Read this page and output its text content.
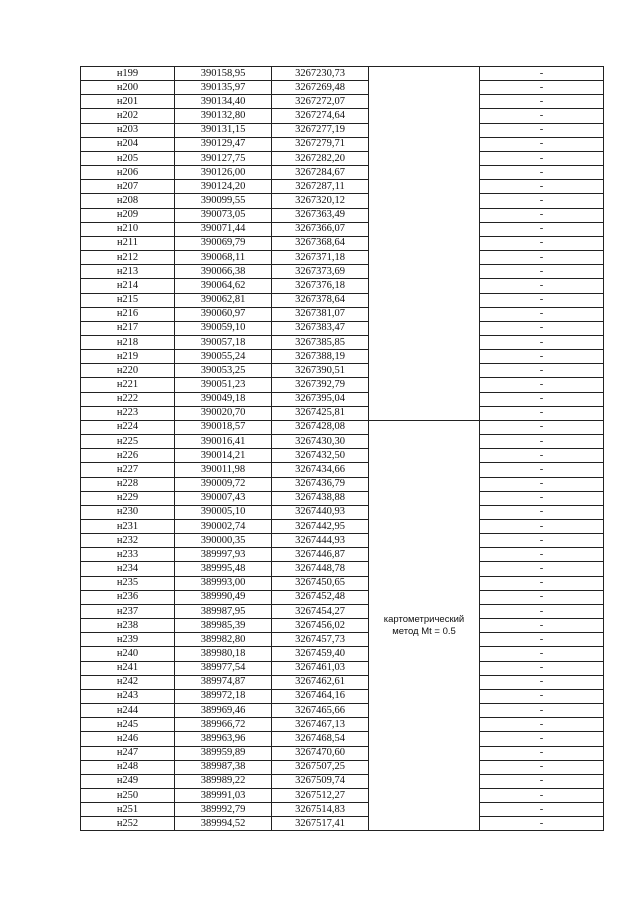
н199	390158,95	3267230,73		-
н200	390135,97	3267269,48		-
н201	390134,40	3267272,07		-
н202	390132,80	3267274,64		-
н203	390131,15	3267277,19		-
н204	390129,47	3267279,71		-
н205	390127,75	3267282,20		-
н206	390126,00	3267284,67		-
н207	390124,20	3267287,11		-
н208	390099,55	3267320,12		-
н209	390073,05	3267363,49		-
н210	390071,44	3267366,07		-
н211	390069,79	3267368,64		-
н212	390068,11	3267371,18		-
н213	390066,38	3267373,69		-
н214	390064,62	3267376,18		-
н215	390062,81	3267378,64		-
н216	390060,97	3267381,07		-
н217	390059,10	3267383,47		-
н218	390057,18	3267385,85		-
н219	390055,24	3267388,19		-
н220	390053,25	3267390,51		-
н221	390051,23	3267392,79		-
н222	390049,18	3267395,04		-
н223	390020,70	3267425,81		-
н224	390018,57	3267428,08	картометрический
метод Mt = 0.5	-
н225	390016,41	3267430,30		-
н226	390014,21	3267432,50		-
н227	390011,98	3267434,66		-
н228	390009,72	3267436,79		-
н229	390007,43	3267438,88		-
н230	390005,10	3267440,93		-
н231	390002,74	3267442,95		-
н232	390000,35	3267444,93		-
н233	389997,93	3267446,87		-
н234	389995,48	3267448,78		-
н235	389993,00	3267450,65		-
н236	389990,49	3267452,48		-
н237	389987,95	3267454,27		-
н238	389985,39	3267456,02		-
н239	389982,80	3267457,73		-
н240	389980,18	3267459,40		-
н241	389977,54	3267461,03		-
н242	389974,87	3267462,61		-
н243	389972,18	3267464,16		-
н244	389969,46	3267465,66		-
н245	389966,72	3267467,13		-
н246	389963,96	3267468,54		-
н247	389959,89	3267470,60		-
н248	389987,38	3267507,25		-
н249	389989,22	3267509,74		-
н250	389991,03	3267512,27		-
н251	389992,79	3267514,83		-
н252	389994,52	3267517,41		-
